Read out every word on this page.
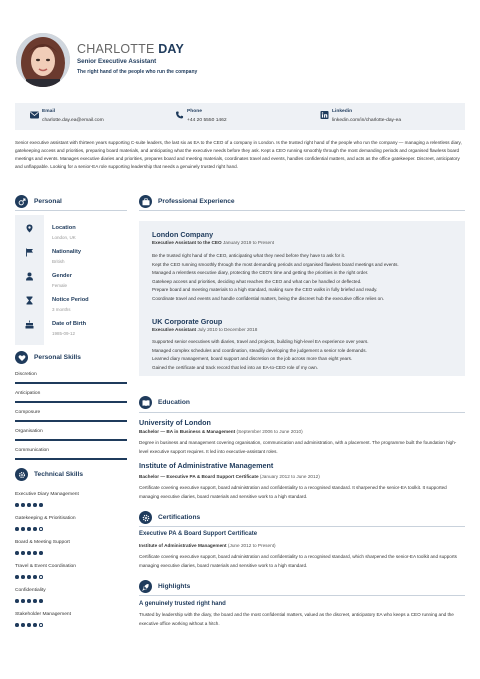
CHARLOTTE DAY
Senior Executive Assistant
The right hand of the people who run the company
Email
charlotte.day.ea@email.com
Phone
+44 20 5550 1462
Linkedin
linkedin.com/in/charlotte-day-ea
Senior executive assistant with thirteen years supporting C-suite leaders, the last six as EA to the CEO of a company in London. Is the trusted right hand of the people who run the company — managing a relentless diary, gatekeeping access and priorities, preparing board materials, and anticipating what the executive needs before they ask. Kept a CEO running smoothly through the most demanding periods and organised flawless board meetings and events. Manages executive diaries and priorities, prepares board and meeting materials, coordinates travel and events, handles confidential matters, and acts as the office gatekeeper. Discreet, anticipatory and unflappable. Looking for a senior-EA role supporting leadership that needs a genuinely trusted right hand.
Personal
Location
London, UK
Nationality
British
Gender
Female
Notice Period
3 months
Date of Birth
1985-09-12
Personal Skills
Discretion
Anticipation
Composure
Organisation
Communication
Technical Skills
Executive Diary Management
Gatekeeping & Prioritisation
Board & Meeting Support
Travel & Event Coordination
Confidentiality
Stakeholder Management
Professional Experience
London Company
Executive Assistant to the CEO January 2019 to Present
Be the trusted right hand of the CEO, anticipating what they need before they have to ask for it.
Kept the CEO running smoothly through the most demanding periods and organised flawless board meetings and events.
Managed a relentless executive diary, protecting the CEO's time and getting the priorities in the right order.
Gatekeep access and priorities, deciding what reaches the CEO and what can be handled or deflected.
Prepare board and meeting materials to a high standard, making sure the CEO walks in fully briefed and ready.
Coordinate travel and events and handle confidential matters, being the discreet hub the executive office relies on.
UK Corporate Group
Executive Assistant July 2010 to December 2018
Supported senior executives with diaries, travel and projects, building high-level EA experience over years.
Managed complex schedules and coordination, steadily developing the judgement a senior role demands.
Learned diary management, board support and discretion on the job across more than eight years.
Gained the certificate and track record that led into an EA-to-CEO role of my own.
Education
University of London
Bachelor — BA in Business & Management (September 2006 to June 2010)
Degree in business and management covering organisation, communication and administration, with a placement. The programme built the foundation high-level executive support requires. It led into executive-assistant roles.
Institute of Administrative Management
Bachelor — Executive PA & Board Support Certificate (January 2012 to June 2012)
Certificate covering executive support, board administration and confidentiality to a recognised standard. It sharpened the senior-EA toolkit. It supported managing executive diaries, board materials and sensitive work to a high standard.
Certifications
Executive PA & Board Support Certificate
Institute of Administrative Management (June 2012 to Present)
Certificate covering executive support, board administration and confidentiality to a recognised standard, which sharpened the senior-EA toolkit and supports managing executive diaries, board materials and sensitive work to a high standard.
Highlights
A genuinely trusted right hand
Trusted by leadership with the diary, the board and the most confidential matters, valued as the discreet, anticipatory EA who keeps a CEO running and the executive office working without a hitch.
